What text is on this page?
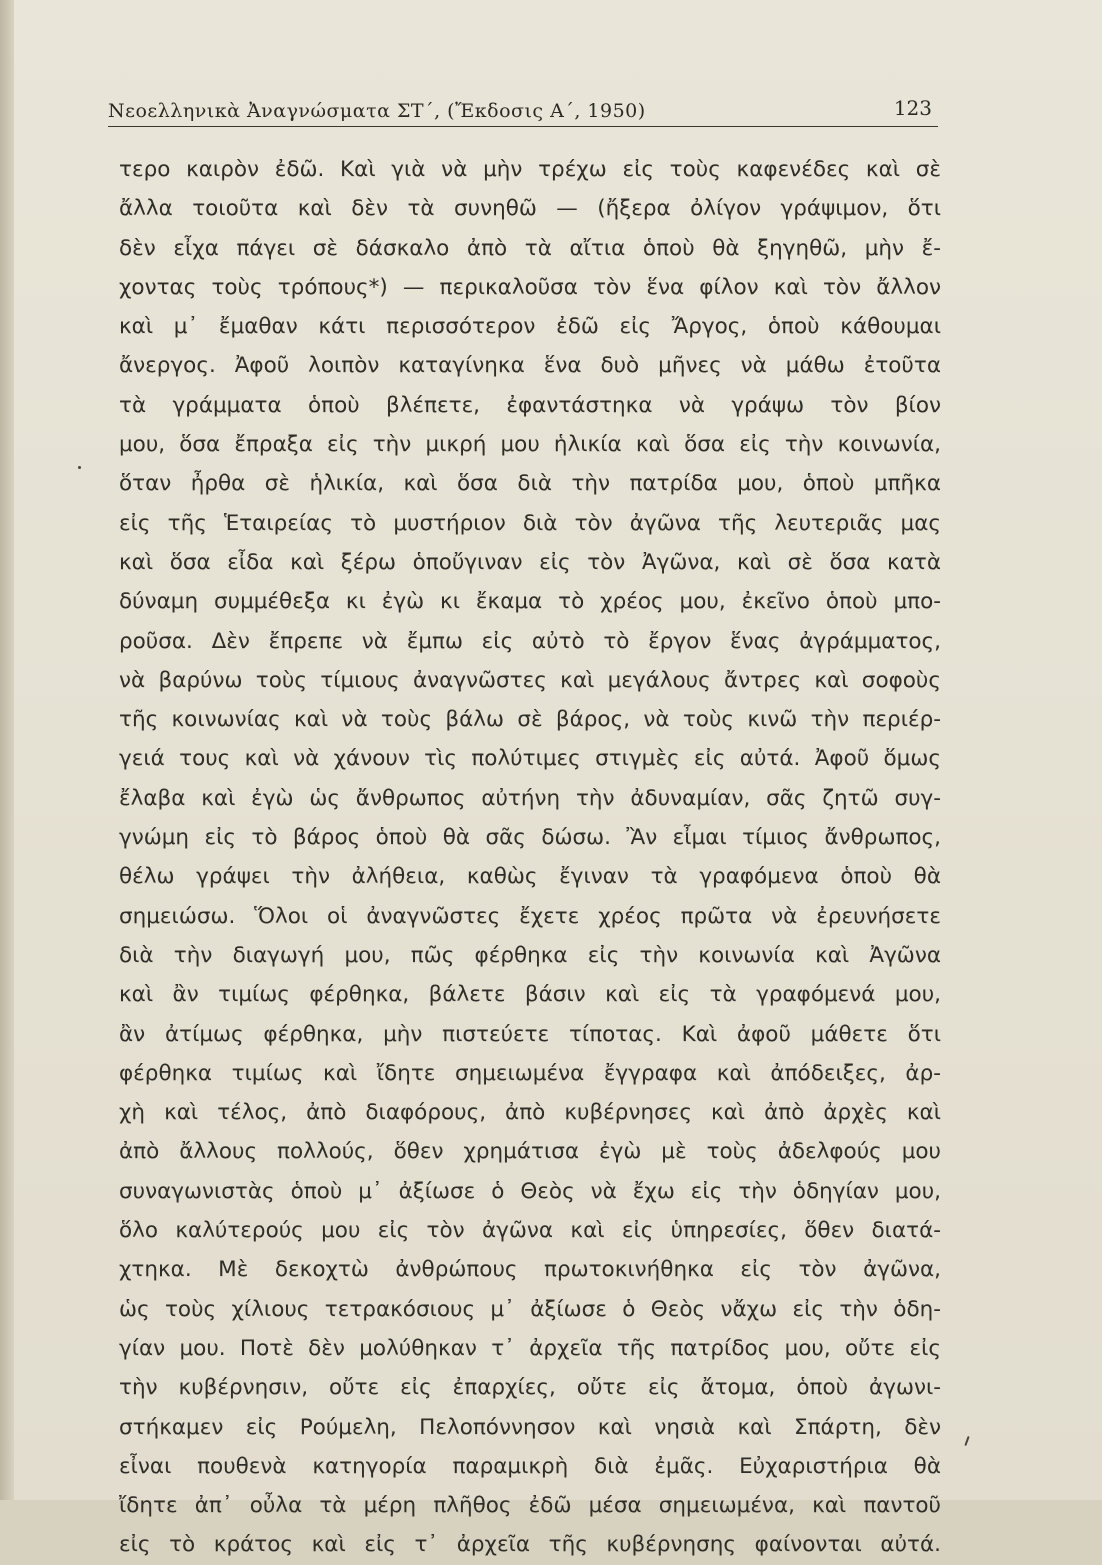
Νεοελληνικὰ Ἀναγνώσματα ΣΤ΄, (Ἔκδοσις Α΄, 1950)	123
τερο καιρὸν ἐδῶ. Καὶ γιὰ νὰ μὴν τρέχω εἰς τοὺς καφενέδες καὶ σὲ
ἄλλα τοιοῦτα καὶ δὲν τὰ συνηθῶ — (ἤξερα ὀλίγον γράψιμον, ὅτι
δὲν εἶχα πάγει σὲ δάσκαλο ἀπὸ τὰ αἴτια ὁποὺ θὰ ξηγηθῶ, μὴν ἔ-
χοντας τοὺς τρόπους*) — περικαλοῦσα τὸν ἕνα φίλον καὶ τὸν ἄλλον
καὶ μ᾿ ἔμαθαν κάτι περισσότερον ἐδῶ εἰς Ἄργος, ὁποὺ κάθουμαι
ἄνεργος. Ἀφοῦ λοιπὸν καταγίνηκα ἕνα δυὸ μῆνες νὰ μάθω ἐτοῦτα
τὰ γράμματα ὁποὺ βλέπετε, ἐφαντάστηκα νὰ γράψω τὸν βίον
μου, ὅσα ἔπραξα εἰς τὴν μικρή μου ἡλικία καὶ ὅσα εἰς τὴν κοινωνία,
ὅταν ἦρθα σὲ ἡλικία, καὶ ὅσα διὰ τὴν πατρίδα μου, ὁποὺ μπῆκα
εἰς τῆς Ἑταιρείας τὸ μυστήριον διὰ τὸν ἀγῶνα τῆς λευτεριᾶς μας
καὶ ὅσα εἶδα καὶ ξέρω ὁποὔγιναν εἰς τὸν Ἀγῶνα, καὶ σὲ ὅσα κατὰ
δύναμη συμμέθεξα κι ἐγὼ κι ἔκαμα τὸ χρέος μου, ἐκεῖνο ὁποὺ μπο-
ροῦσα. Δὲν ἔπρεπε νὰ ἔμπω εἰς αὐτὸ τὸ ἔργον ἕνας ἀγράμματος,
νὰ βαρύνω τοὺς τίμιους ἀναγνῶστες καὶ μεγάλους ἄντρες καὶ σοφοὺς
τῆς κοινωνίας καὶ νὰ τοὺς βάλω σὲ βάρος, νὰ τοὺς κινῶ τὴν περιέρ-
γειά τους καὶ νὰ χάνουν τὶς πολύτιμες στιγμὲς εἰς αὐτά. Ἀφοῦ ὅμως
ἔλαβα καὶ ἐγὼ ὡς ἄνθρωπος αὐτήνη τὴν ἀδυναμίαν, σᾶς ζητῶ συγ-
γνώμη εἰς τὸ βάρος ὁποὺ θὰ σᾶς δώσω. Ἂν εἶμαι τίμιος ἄνθρωπος,
θέλω γράψει τὴν ἀλήθεια, καθὼς ἔγιναν τὰ γραφόμενα ὁποὺ θὰ
σημειώσω. Ὅλοι οἱ ἀναγνῶστες ἔχετε χρέος πρῶτα νὰ ἐρευνήσετε
διὰ τὴν διαγωγή μου, πῶς φέρθηκα εἰς τὴν κοινωνία καὶ Ἀγῶνα
καὶ ἂν τιμίως φέρθηκα, βάλετε βάσιν καὶ εἰς τὰ γραφόμενά μου,
ἂν ἀτίμως φέρθηκα, μὴν πιστεύετε τίποτας. Καὶ ἀφοῦ μάθετε ὅτι
φέρθηκα τιμίως καὶ ἴδητε σημειωμένα ἔγγραφα καὶ ἀπόδειξες, ἀρ-
χὴ καὶ τέλος, ἀπὸ διαφόρους, ἀπὸ κυβέρνησες καὶ ἀπὸ ἀρχὲς καὶ
ἀπὸ ἄλλους πολλούς, ὅθεν χρημάτισα ἐγὼ μὲ τοὺς ἀδελφούς μου
συναγωνιστὰς ὁποὺ μ᾿ ἀξίωσε ὁ Θεὸς νὰ ἔχω εἰς τὴν ὁδηγίαν μου,
ὅλο καλύτερούς μου εἰς τὸν ἀγῶνα καὶ εἰς ὑπηρεσίες, ὅθεν διατά-
χτηκα. Μὲ δεκοχτὼ ἀνθρώπους πρωτοκινήθηκα εἰς τὸν ἀγῶνα,
ὡς τοὺς χίλιους τετρακόσιους μ᾿ ἀξίωσε ὁ Θεὸς νἄχω εἰς τὴν ὁδη-
γίαν μου. Ποτὲ δὲν μολύθηκαν τ᾿ ἀρχεῖα τῆς πατρίδος μου, οὔτε εἰς
τὴν κυβέρνησιν, οὔτε εἰς ἐπαρχίες, οὔτε εἰς ἄτομα, ὁποὺ ἀγωνι-
στήκαμεν εἰς Ρούμελη, Πελοπόννησον καὶ νησιὰ καὶ Σπάρτη, δὲν
εἶναι πουθενὰ κατηγορία παραμικρὴ διὰ ἐμᾶς. Εὐχαριστήρια θὰ
ἴδητε ἀπ᾿ οὖλα τὰ μέρη πλῆθος ἐδῶ μέσα σημειωμένα, καὶ παντοῦ
εἰς τὸ κράτος καὶ εἰς τ᾿ ἀρχεῖα τῆς κυβέρνησης φαίνονται αὐτά.
